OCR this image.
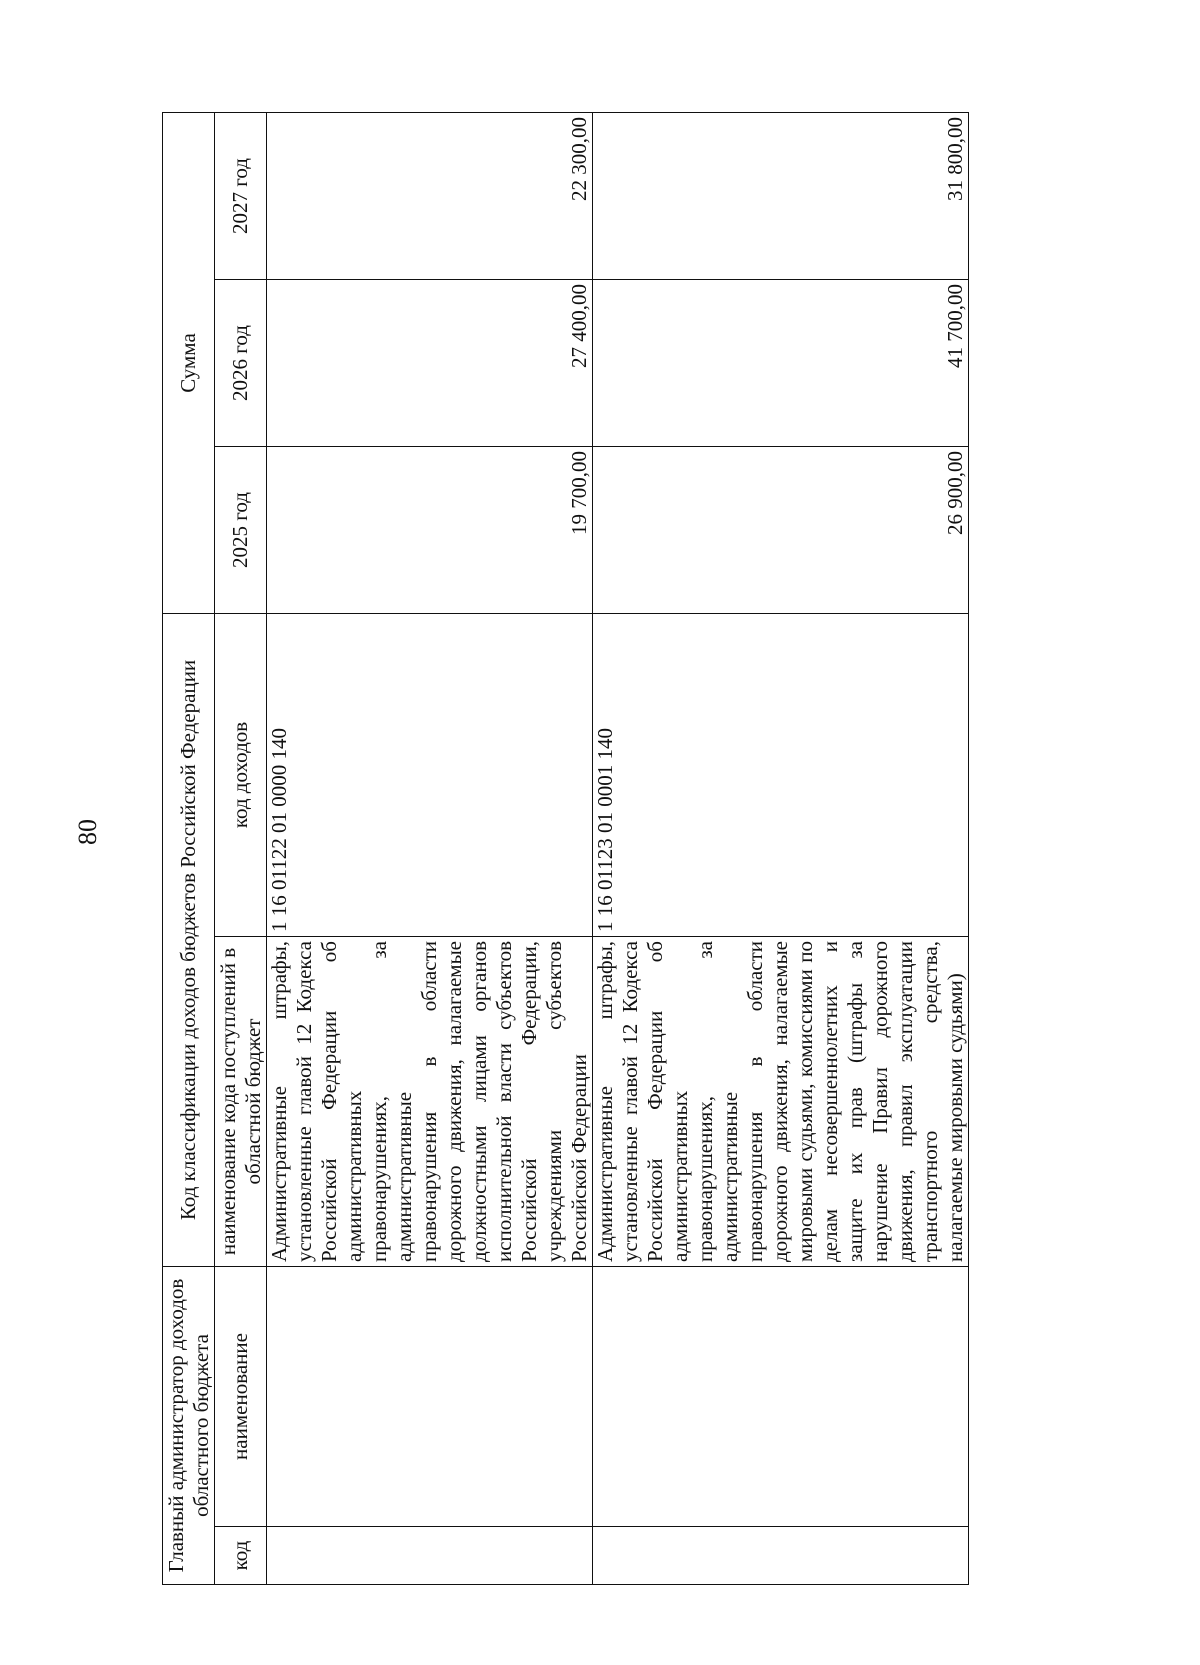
80
Главный администратор доходов областного бюджета		Код классификации доходов бюджетов Российской Федерации		Сумма		
код	наименование	наименование кода поступлений в областной бюджет	код доходов	2025 год	2026 год	2027 год
		Административные штрафы, установленные главой 12 Кодекса Российской Федерации об административных правонарушениях, за административные правонарушения в области дорожного движения, налагаемые должностными лицами органов исполнительной власти субъектов Российской Федерации, учреждениями субъектов Российской Федерации	1 16 01122 01 0000 140	19 700,00	27 400,00	22 300,00
		Административные штрафы, установленные главой 12 Кодекса Российской Федерации об административных правонарушениях, за административные правонарушения в области дорожного движения, налагаемые мировыми судьями, комиссиями по делам несовершеннолетних и защите их прав (штрафы за нарушение Правил дорожного движения, правил эксплуатации транспортного средства, налагаемые мировыми судьями)	1 16 01123 01 0001 140	26 900,00	41 700,00	31 800,00
